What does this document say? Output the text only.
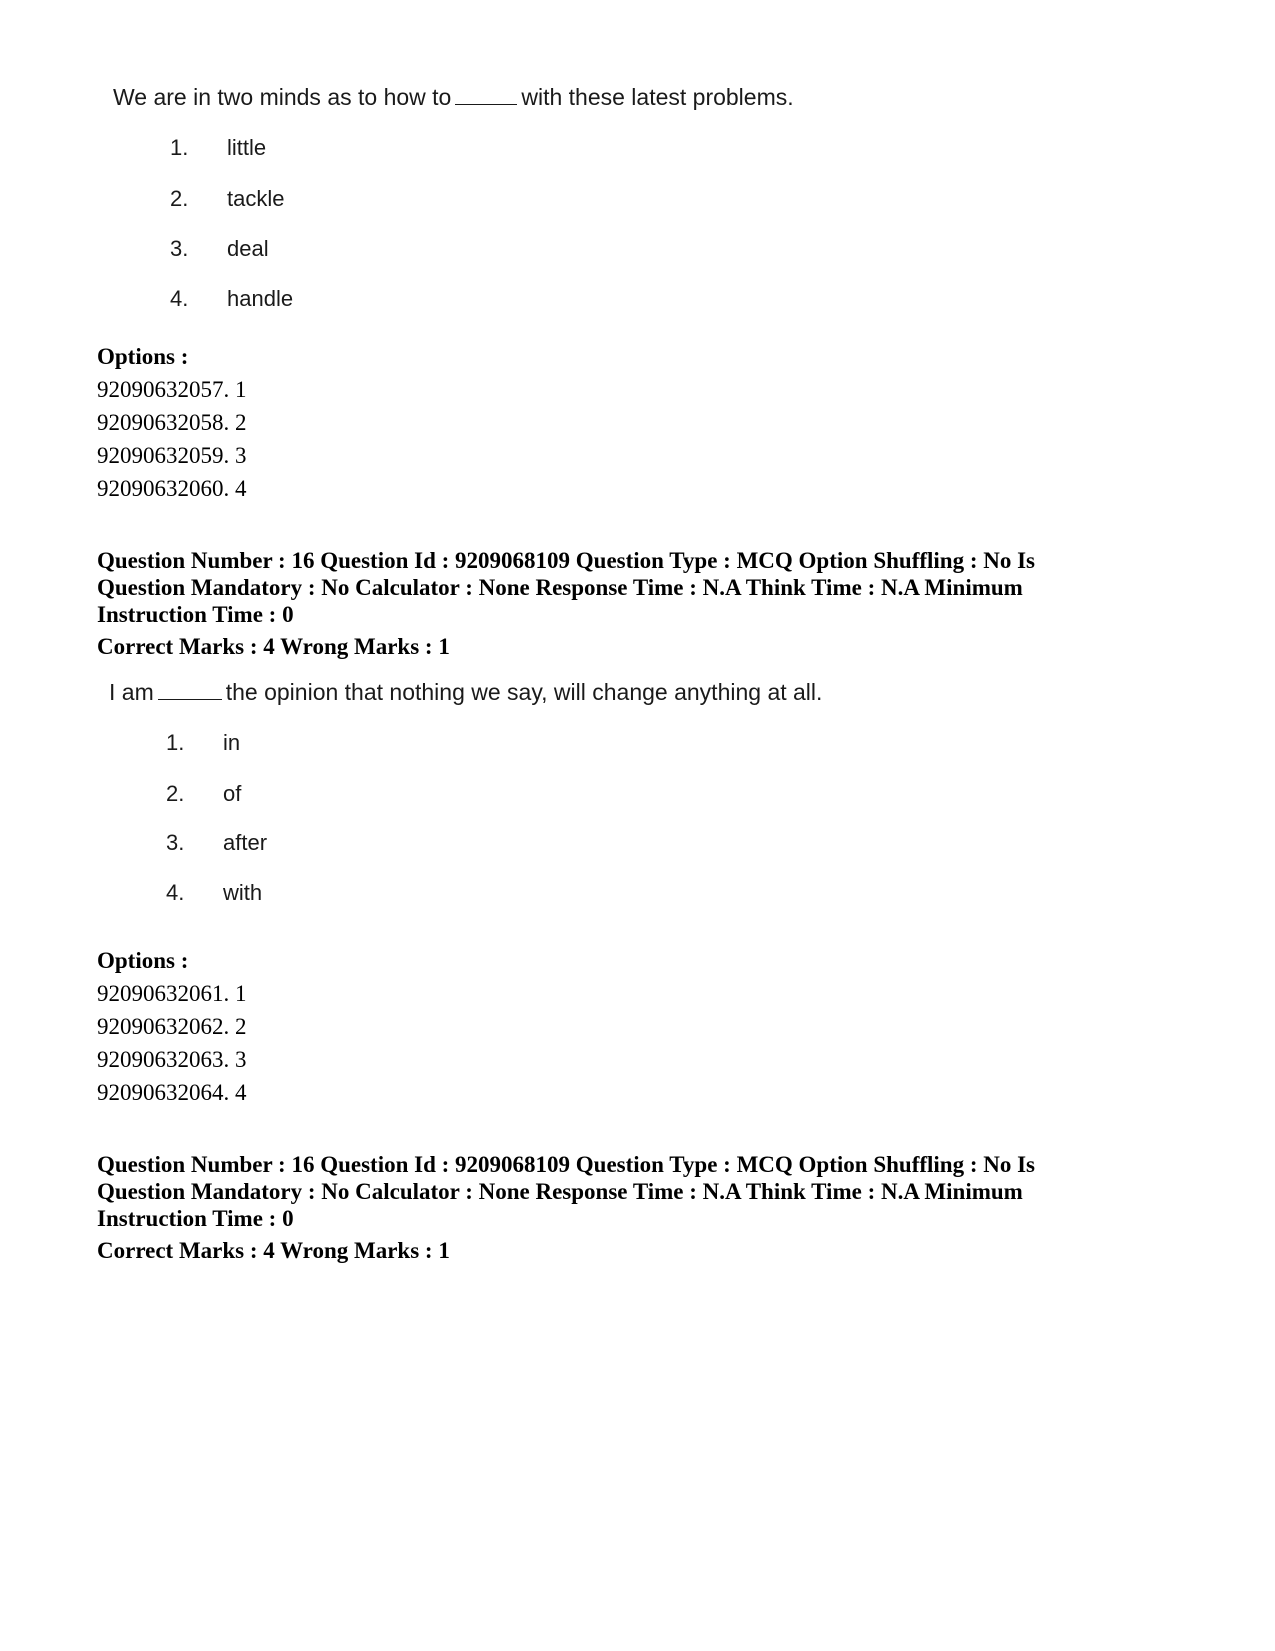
We are in two minds as to how to	with these latest problems.
1. little
2. tackle
3. deal
4. handle
Options :
92090632057. 1
92090632058. 2
92090632059. 3
92090632060. 4
Question Number : 16 Question Id : 9209068109 Question Type : MCQ Option Shuffling : No Is
Question Mandatory : No Calculator : None Response Time : N.A Think Time : N.A Minimum
Instruction Time : 0
Correct Marks : 4 Wrong Marks : 1
I am	the opinion that nothing we say, will change anything at all.
1. in
2. of
3. after
4. with
Options :
92090632061. 1
92090632062. 2
92090632063. 3
92090632064. 4
Question Number : 16 Question Id : 9209068109 Question Type : MCQ Option Shuffling : No Is
Question Mandatory : No Calculator : None Response Time : N.A Think Time : N.A Minimum
Instruction Time : 0
Correct Marks : 4 Wrong Marks : 1
